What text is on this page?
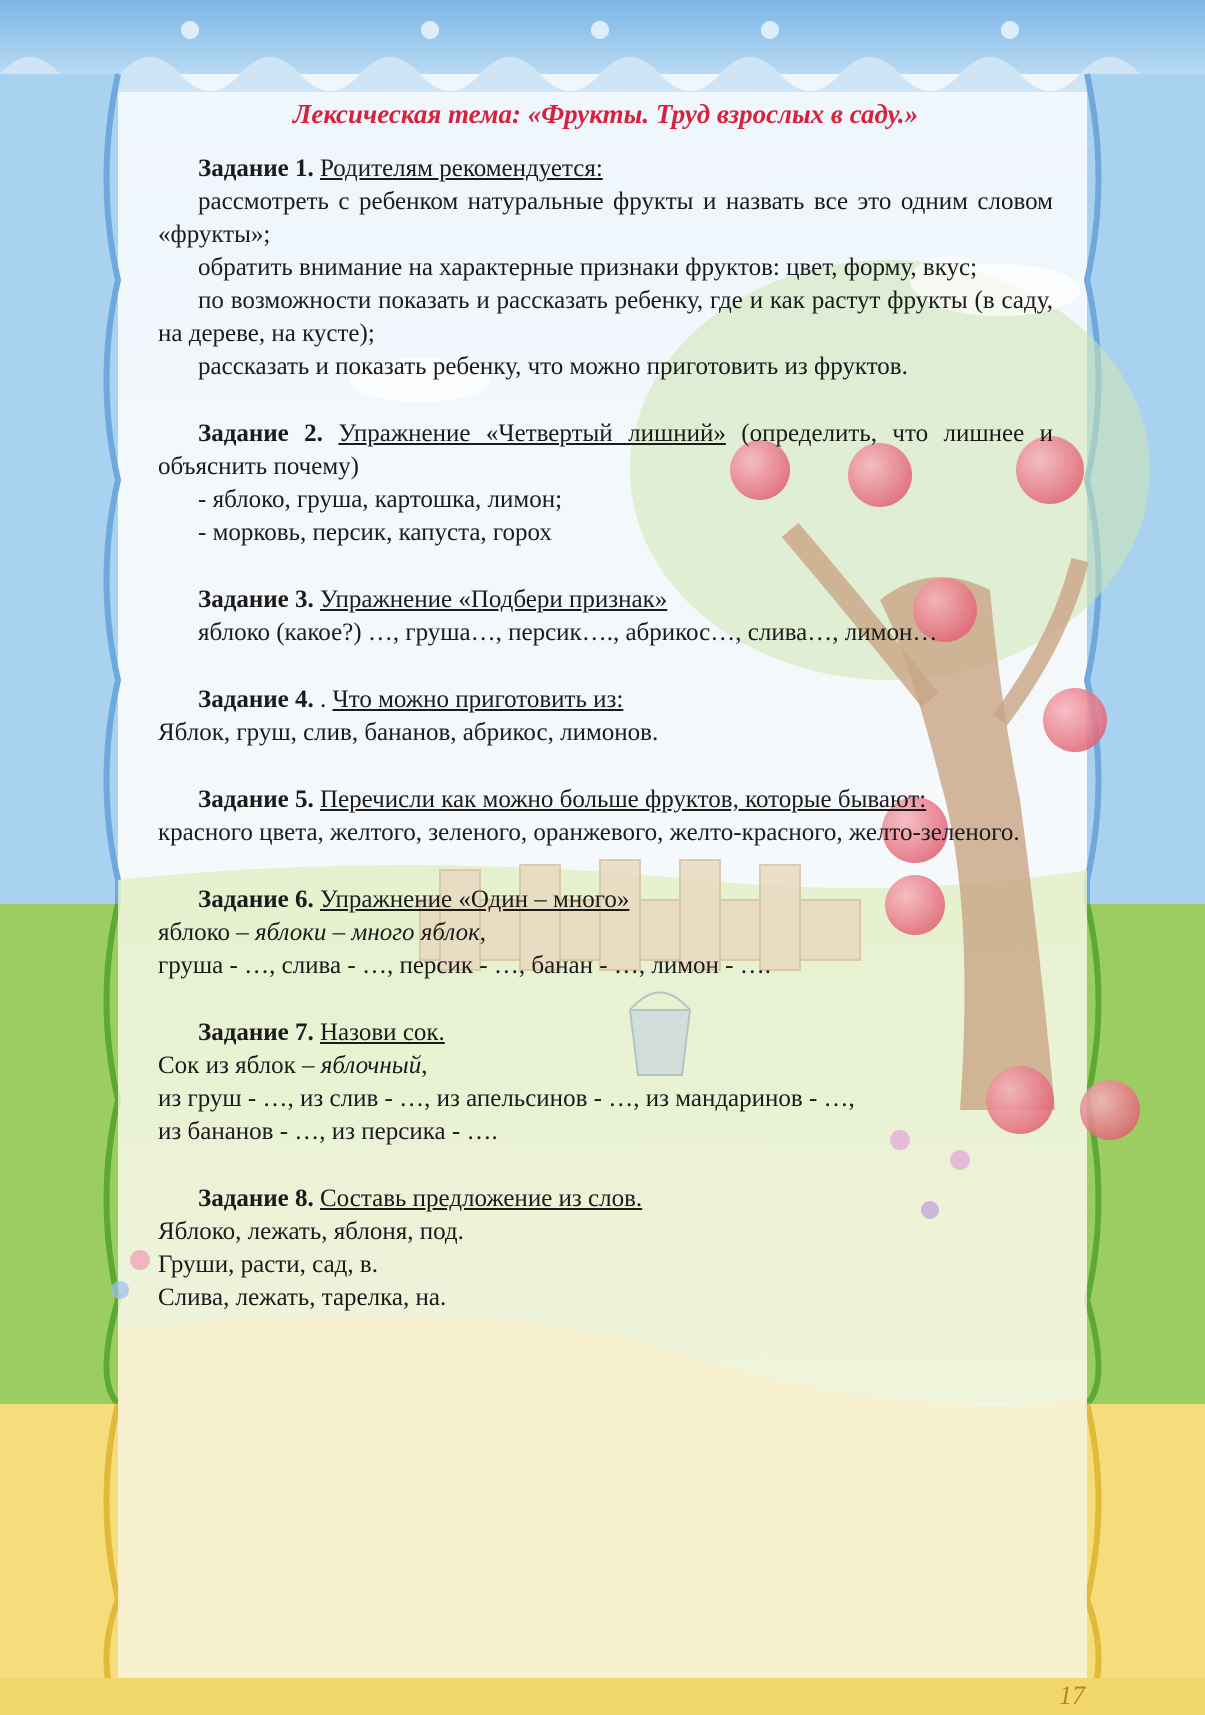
Лексическая тема: «Фрукты. Труд взрослых в саду.»

Задание 1. Родителям рекомендуется:

рассмотреть с ребенком натуральные фрукты и назвать все это одним словом «фрукты»;

обратить внимание на характерные признаки фруктов: цвет, форму, вкус;

по возможности показать и рассказать ребенку, где и как растут фрукты (в саду, на дереве, на кусте);

рассказать и показать ребенку, что можно приготовить из фруктов.

Задание 2. Упражнение «Четвертый лишний» (определить, что лишнее и объяснить почему)

- яблоко, груша, картошка, лимон;

- морковь, персик, капуста, горох

Задание 3. Упражнение «Подбери признак»

яблоко (какое?) …, груша…, персик…., абрикос…, слива…, лимон…

Задание 4. . Что можно приготовить из:

Яблок, груш, слив, бананов, абрикос, лимонов.

Задание 5. Перечисли как можно больше фруктов, которые бывают:

красного цвета, желтого, зеленого, оранжевого, желто-красного, желто-зеленого.

Задание 6. Упражнение «Один – много»

яблоко – яблоки – много яблок,

груша - …, слива - …, персик - …, банан - …, лимон - ….

Задание 7. Назови сок.

Сок из яблок – яблочный,

из груш - …, из слив - …, из апельсинов - …, из мандаринов - …,

из бананов - …, из персика - ….

Задание 8. Составь предложение из слов.

Яблоко, лежать, яблоня, под.

Груши, расти, сад, в.

Слива, лежать, тарелка, на.

17
